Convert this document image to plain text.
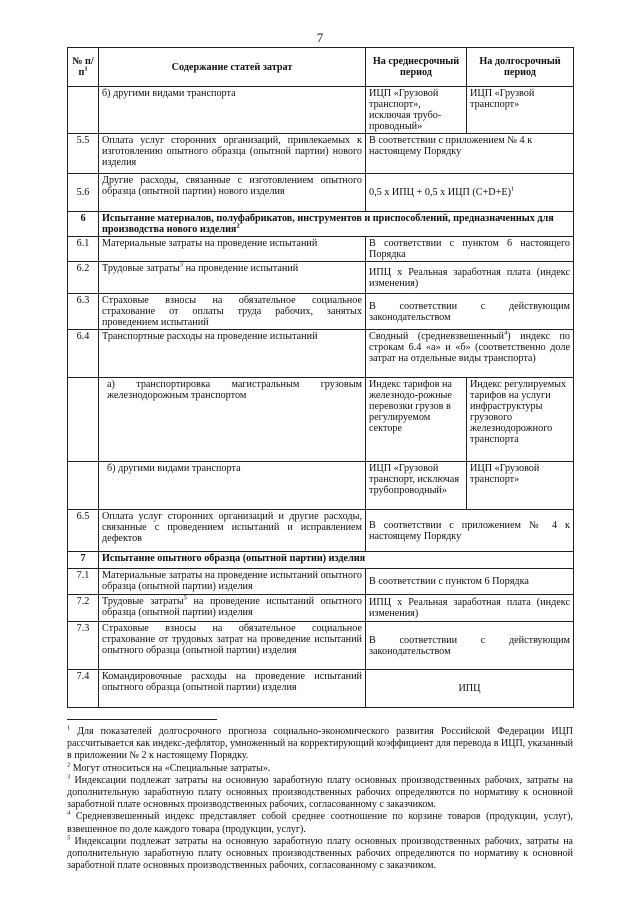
7
№ $п/п^1$	Содержание статей затрат	На среднесрочный период	На долгосрочный период
	б) другими видами транспорта	ИЦП «Грузовой транспорт», исключая трубо-проводный»	ИЦП «Грузвой транспорт»
5.5	Оплата услуг сторонних организаций, привлекаемых к изготовлению опытного образца (опытной партии) нового изделия	В соответствии с приложением № 4 к настоящему Порядку	
5.6	Другие расходы, связанные с изготовлением опытного образца (опытной партии) нового изделия	0,5 х ИПЦ + 0,5 х ИЦП $(C+D+E)^1$
6	Испытание материалов, полуфабрикатов, инструментов и приспособлений, предназначенных для производства нового изделия$^2$
6.1	Материальные затраты на проведение испытаний	В соответствии с пунктом 6 настоящего Порядка	
6.2	Трудовые затраты$^3$ на проведение испытаний	ИПЦ х Реальная заработная плата (индекс изменения)	
6.3	Страховые взносы на обязательное социальное страхование от оплаты труда рабочих, занятых проведением испытаний	В соответствии с действующим законодательством	
6.4	Транспортные расходы на проведение испытаний	Сводный (средневзвешенный$^4$) индекс по строкам 6.4 «а» и «б» (соответственно доле затрат на отдельные виды транспорта)	
	а) транспортировка магистральным грузовым железнодорожным транспортом	Индекс тарифов на железнодо-рожные перевозки грузов в регулируемом секторе	Индекс регулируемых тарифов на услуги инфраструктуры грузового железнодорожного транспорта
	б) другими видами транспорта	ИЦП «Грузовой транспорт, исключая трубопроводный»	ИЦП «Грузовой транспорт»
6.5	Оплата услуг сторонних организаций и другие расходы, связанные с проведением испытаний и исправлением дефектов	В соответствии с приложением № 4 к настоящему Порядку	
7	Испытание опытного образца (опытной партии) изделия		
7.1	Материальные затраты на проведение испытаний опытного образца (опытной партии) изделия	В соответствии с пунктом 6 Порядка	
7.2	Трудовые затраты$^5$ на проведение испытаний опытного образца (опытной партии) изделия	ИПЦ х Реальная заработная плата (индекс изменения)	
7.3	Страховые взносы на обязательное социальное страхование от трудовых затрат на проведение испытаний опытного образца (опытной партии) изделия	В соответствии с действующим законодательством	
7.4	Командировочные расходы на проведение испытаний опытного образца (опытной партии) изделия	ИПЦ	

$^1$ Для показателей долгосрочного прогноза социально-экономического развития Российской Федерации ИЦП рассчитывается как индекс-дефлятор, умноженный на корректирующий коэффициент для перевода в ИЦП, указанный в приложении № 2 к настоящему Порядку.

$^2$ Могут относиться на «Специальные затраты».

$^3$ Индексации подлежат затраты на основную заработную плату основных производственных рабочих, затраты на дополнительную заработную плату основных производственных рабочих определяются по нормативу к основной заработной плате основных производственных рабочих, согласованному с заказчиком.

$^4$ Средневзвешенный индекс представляет собой среднее соотношение по корзине товаров (продукции, услуг), взвешенное по доле каждого товара (продукции, услуг).

$^5$ Индексации подлежат затраты на основную заработную плату основных производственных рабочих, затраты на дополнительную заработную плату основных производственных рабочих определяются по нормативу к основной заработной плате основных производственных рабочих, согласованному с заказчиком.
